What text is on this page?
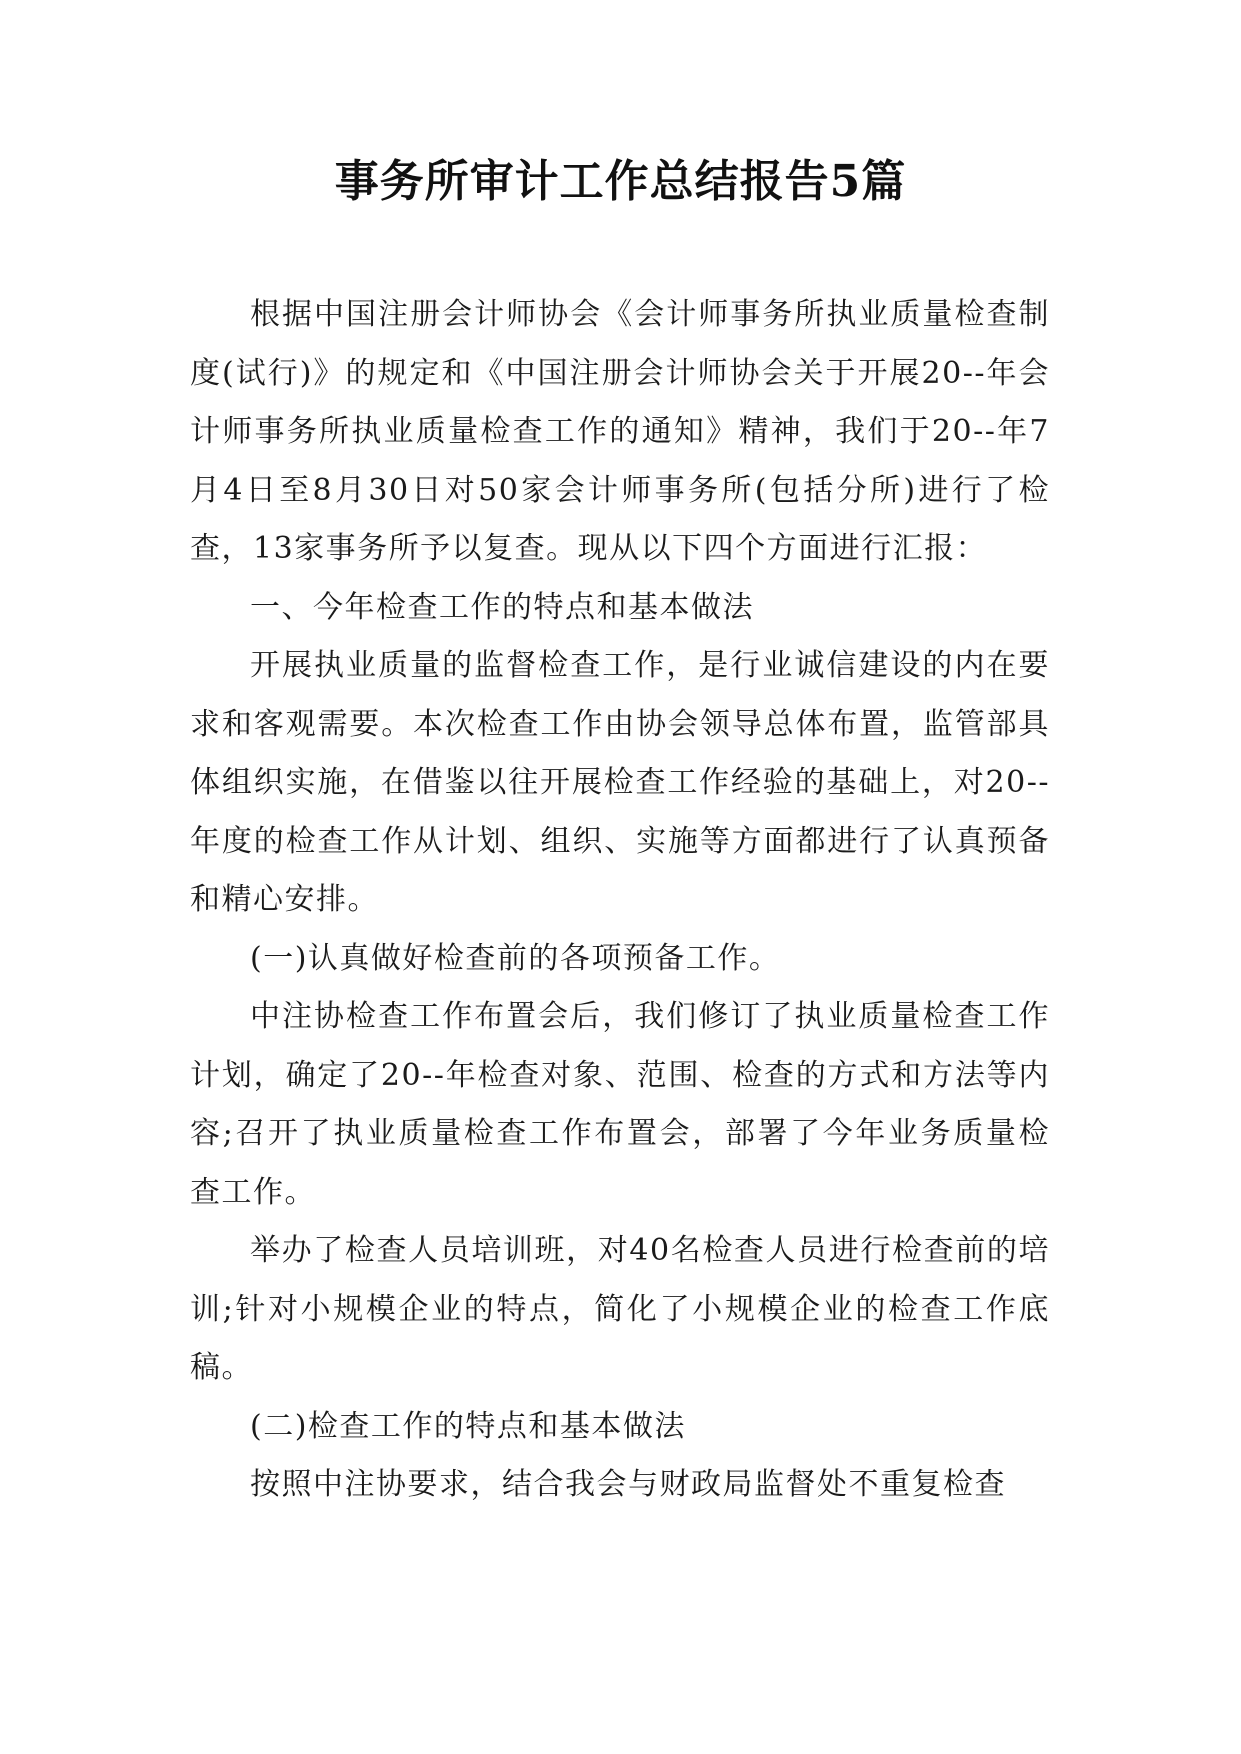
事务所审计工作总结报告5篇

根据中国注册会计师协会《会计师事务所执业质量检查制度(试行)》的规定和《中国注册会计师协会关于开展20--年会计师事务所执业质量检查工作的通知》精神，我们于20--年7月4日至8月30日对50家会计师事务所(包括分所)进行了检查，13家事务所予以复查。现从以下四个方面进行汇报：

一、今年检查工作的特点和基本做法

开展执业质量的监督检查工作，是行业诚信建设的内在要求和客观需要。本次检查工作由协会领导总体布置，监管部具体组织实施，在借鉴以往开展检查工作经验的基础上，对20--年度的检查工作从计划、组织、实施等方面都进行了认真预备和精心安排。

(一)认真做好检查前的各项预备工作。

中注协检查工作布置会后，我们修订了执业质量检查工作计划，确定了20--年检查对象、范围、检查的方式和方法等内容;召开了执业质量检查工作布置会，部署了今年业务质量检查工作。

举办了检查人员培训班，对40名检查人员进行检查前的培训;针对小规模企业的特点，简化了小规模企业的检查工作底稿。

(二)检查工作的特点和基本做法

按照中注协要求，结合我会与财政局监督处不重复检查
